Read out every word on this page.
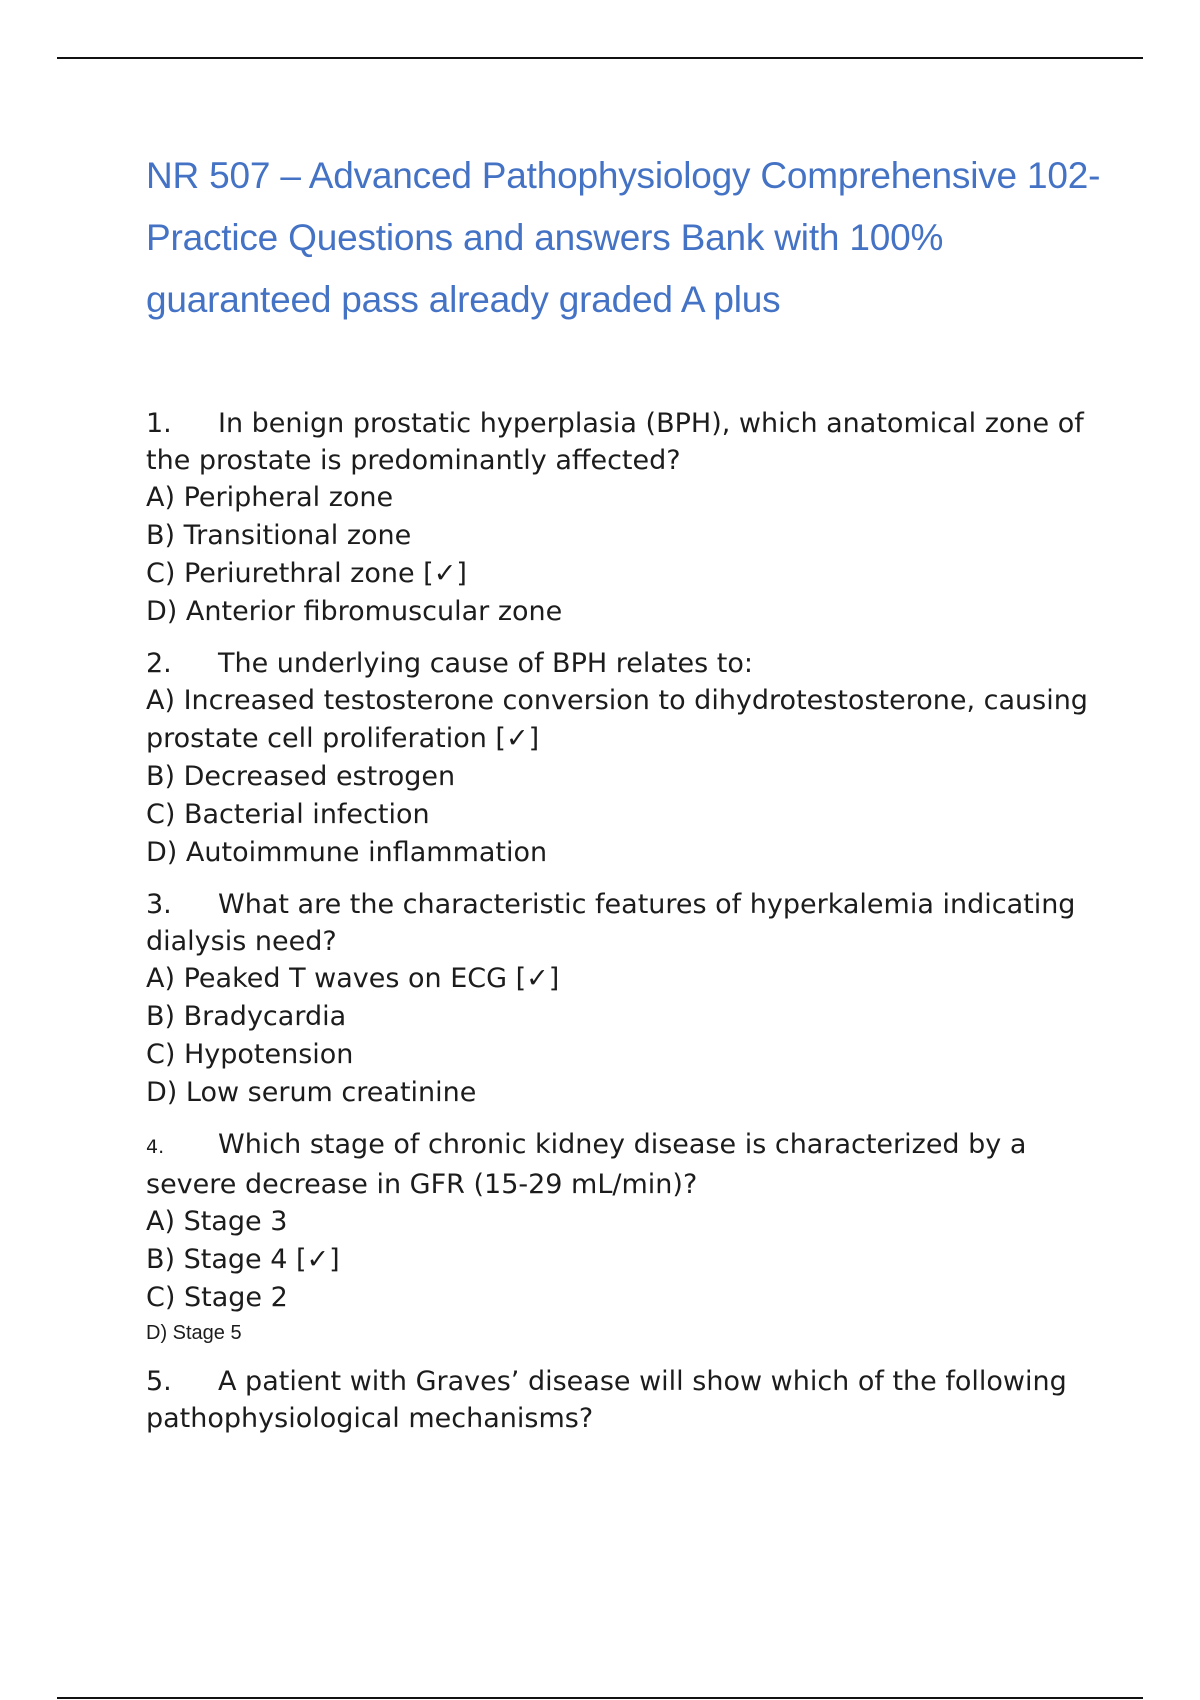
NR 507 – Advanced Pathophysiology Comprehensive 102- Practice Questions and answers Bank with 100% guaranteed pass already graded A plus

1. In benign prostatic hyperplasia (BPH), which anatomical zone of the prostate is predominantly affected?

A) Peripheral zone

B) Transitional zone

C) Periurethral zone [✓]

D) Anterior fibromuscular zone

2. The underlying cause of BPH relates to:

A) Increased testosterone conversion to dihydrotestosterone, causing prostate cell proliferation [✓]

B) Decreased estrogen

C) Bacterial infection

D) Autoimmune inflammation

3. What are the characteristic features of hyperkalemia indicating dialysis need?

A) Peaked T waves on ECG [✓]

B) Bradycardia

C) Hypotension

D) Low serum creatinine

4. Which stage of chronic kidney disease is characterized by a severe decrease in GFR (15-29 mL/min)?

A) Stage 3

B) Stage 4 [✓]

C) Stage 2

D) Stage 5

5. A patient with Graves’ disease will show which of the following pathophysiological mechanisms?
